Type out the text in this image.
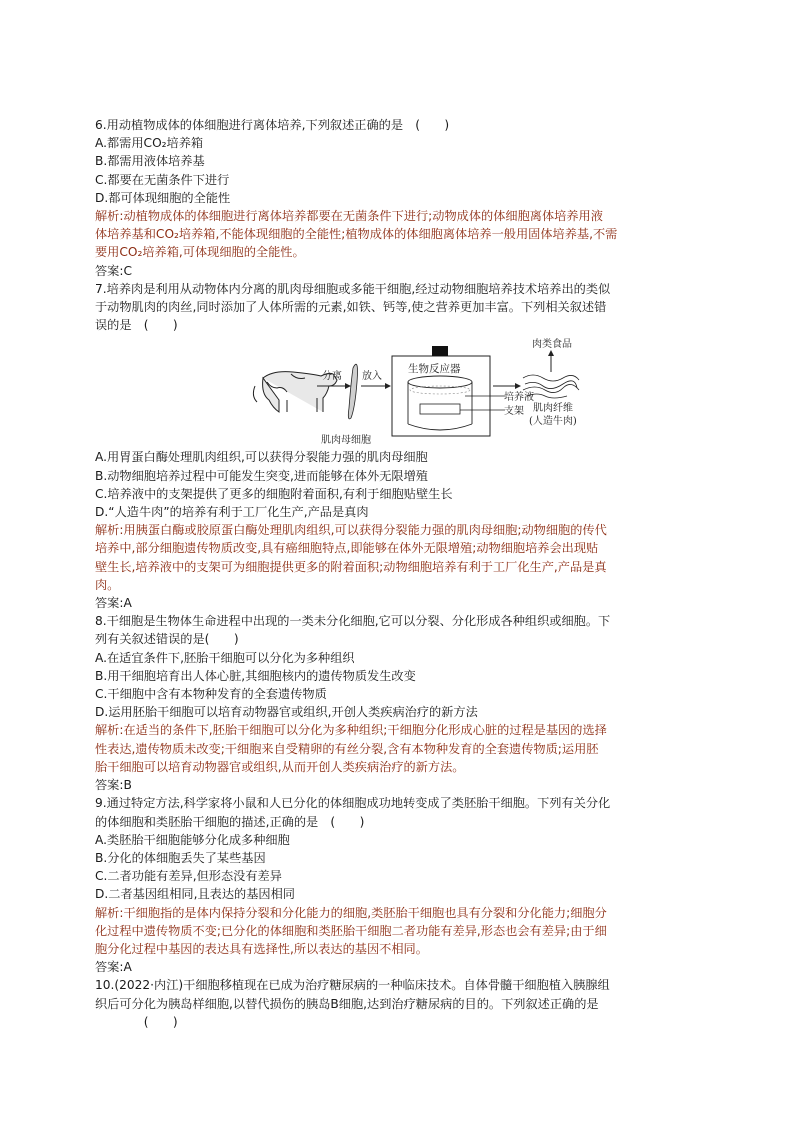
6.用动植物成体的体细胞进行离体培养,下列叙述正确的是　(　　)
A.都需用CO₂培养箱
B.都需用液体培养基
C.都要在无菌条件下进行
D.都可体现细胞的全能性
解析:动植物成体的体细胞进行离体培养都要在无菌条件下进行;动物成体的体细胞离体培养用液
体培养基和CO₂培养箱,不能体现细胞的全能性;植物成体的体细胞离体培养一般用固体培养基,不需
要用CO₂培养箱,可体现细胞的全能性。
答案:C
7.培养肉是利用从动物体内分离的肌肉母细胞或多能干细胞,经过动物细胞培养技术培养出的类似
于动物肌肉的肉丝,同时添加了人体所需的元素,如铁、钙等,使之营养更加丰富。下列相关叙述错
误的是　(　　)
分离 放入
生物反应器
肉类食品
培养液
支架 肌肉纤维
(人造牛肉)
肌肉母细胞
A.用胃蛋白酶处理肌肉组织,可以获得分裂能力强的肌肉母细胞
B.动物细胞培养过程中可能发生突变,进而能够在体外无限增殖
C.培养液中的支架提供了更多的细胞附着面积,有利于细胞贴壁生长
D.“人造牛肉”的培养有利于工厂化生产,产品是真肉
解析:用胰蛋白酶或胶原蛋白酶处理肌肉组织,可以获得分裂能力强的肌肉母细胞;动物细胞的传代
培养中,部分细胞遗传物质改变,具有癌细胞特点,即能够在体外无限增殖;动物细胞培养会出现贴
壁生长,培养液中的支架可为细胞提供更多的附着面积;动物细胞培养有利于工厂化生产,产品是真
肉。
答案:A
8.干细胞是生物体生命进程中出现的一类未分化细胞,它可以分裂、分化形成各种组织或细胞。下
列有关叙述错误的是(　　)
A.在适宜条件下,胚胎干细胞可以分化为多种组织
B.用干细胞培育出人体心脏,其细胞核内的遗传物质发生改变
C.干细胞中含有本物种发育的全套遗传物质
D.运用胚胎干细胞可以培育动物器官或组织,开创人类疾病治疗的新方法
解析:在适当的条件下,胚胎干细胞可以分化为多种组织;干细胞分化形成心脏的过程是基因的选择
性表达,遗传物质未改变;干细胞来自受精卵的有丝分裂,含有本物种发育的全套遗传物质;运用胚
胎干细胞可以培育动物器官或组织,从而开创人类疾病治疗的新方法。
答案:B
9.通过特定方法,科学家将小鼠和人已分化的体细胞成功地转变成了类胚胎干细胞。下列有关分化
的体细胞和类胚胎干细胞的描述,正确的是　(　　)
A.类胚胎干细胞能够分化成多种细胞
B.分化的体细胞丢失了某些基因
C.二者功能有差异,但形态没有差异
D.二者基因组相同,且表达的基因相同
解析:干细胞指的是体内保持分裂和分化能力的细胞,类胚胎干细胞也具有分裂和分化能力;细胞分
化过程中遗传物质不变;已分化的体细胞和类胚胎干细胞二者功能有差异,形态也会有差异;由于细
胞分化过程中基因的表达具有选择性,所以表达的基因不相同。
答案:A
10.(2022·内江)干细胞移植现在已成为治疗糖尿病的一种临床技术。自体骨髓干细胞植入胰腺组
织后可分化为胰岛样细胞,以替代损伤的胰岛B细胞,达到治疗糖尿病的目的。下列叙述正确的是
　　　　(　　)
